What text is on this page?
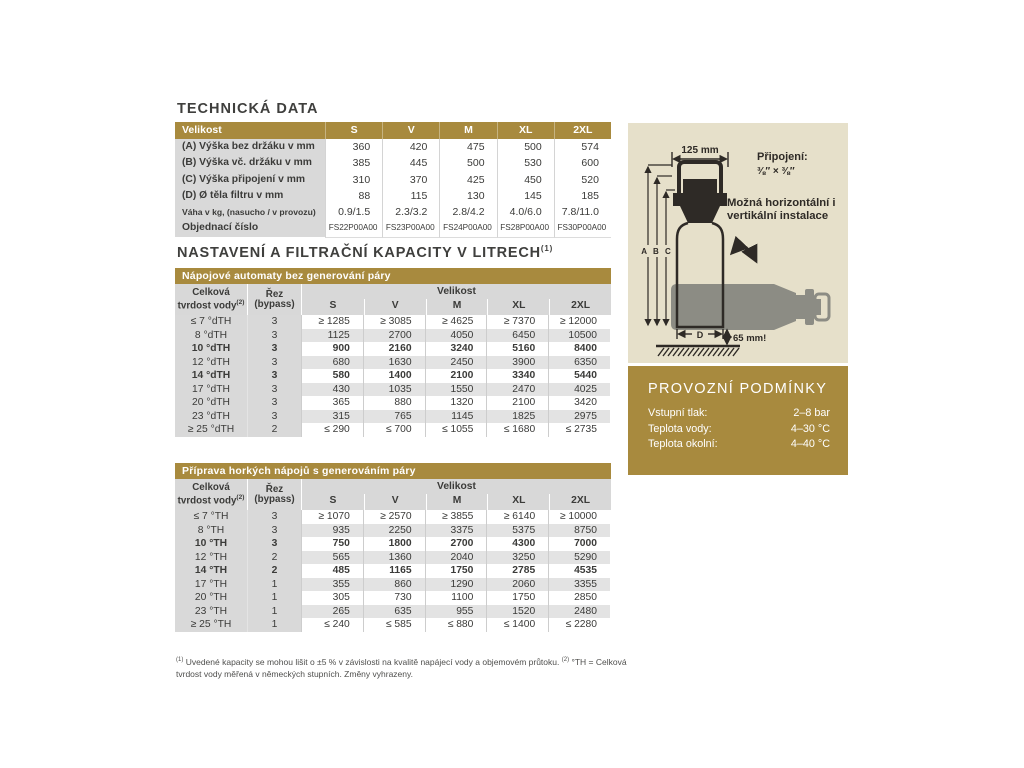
TECHNICKÁ DATA
Velikost	S	V	M	XL	2XL
(A) Výška bez držáku v mm	360	420	475	500	574
(B) Výška vč. držáku v mm	385	445	500	530	600
(C) Výška připojení v mm	310	370	425	450	520
(D) Ø těla filtru v mm	88	115	130	145	185
Váha v kg, (nasucho / v provozu)	0.9/1.5	2.3/3.2	2.8/4.2	4.0/6.0	7.8/11.0
Objednací číslo	FS22P00A00	FS23P00A00	FS24P00A00	FS28P00A00	FS30P00A00
NASTAVENÍ A FILTRAČNÍ KAPACITY V LITRECH$^{(1)}$
Nápojové automaty bez generování páry
Celková tvrdost vody$^{(2)}$
Řez (bypass)
Velikost
S	V	M	XL	2XL
≤ 7 °dTH	3	≥ 1285	≥ 3085	≥ 4625	≥ 7370	≥ 12000
8 °dTH	3	1125	2700	4050	6450	10500
10 °dTH	3	900	2160	3240	5160	8400
12 °dTH	3	680	1630	2450	3900	6350
14 °dTH	3	580	1400	2100	3340	5440
17 °dTH	3	430	1035	1550	2470	4025
20 °dTH	3	365	880	1320	2100	3420
23 °dTH	3	315	765	1145	1825	2975
≥ 25 °dTH	2	≤ 290	≤ 700	≤ 1055	≤ 1680	≤ 2735
Příprava horkých nápojů s generováním páry
Celková tvrdost vody$^{(2)}$
Řez (bypass)
Velikost
S	V	M	XL	2XL
≤ 7 °TH	3	≥ 1070	≥ 2570	≥ 3855	≥ 6140	≥ 10000
8 °TH	3	935	2250	3375	5375	8750
10 °TH	3	750	1800	2700	4300	7000
12 °TH	2	565	1360	2040	3250	5290
14 °TH	2	485	1165	1750	2785	4535
17 °TH	1	355	860	1290	2060	3355
20 °TH	1	305	730	1100	1750	2850
23 °TH	1	265	635	955	1520	2480
≥ 25 °TH	1	≤ 240	≤ 585	≤ 880	≤ 1400	≤ 2280

$^{(1)}$ Uvedené kapacity se mohou lišit o ±5 % v závislosti na kvalitě napájecí vody a objemovém průtoku. $^{(2)}$ °TH = Celková tvrdost vody měřená v německých stupních. Změny vyhrazeny.

125 mm
A B C
D	65 mm!
Připojení:
⅜″ × ⅜″
Možná horizontální i
vertikální instalace
PROVOZNÍ PODMÍNKY
Vstupní tlak:	2–8 bar
Teplota vody:	4–30 °C
Teplota okolní:	4–40 °C
